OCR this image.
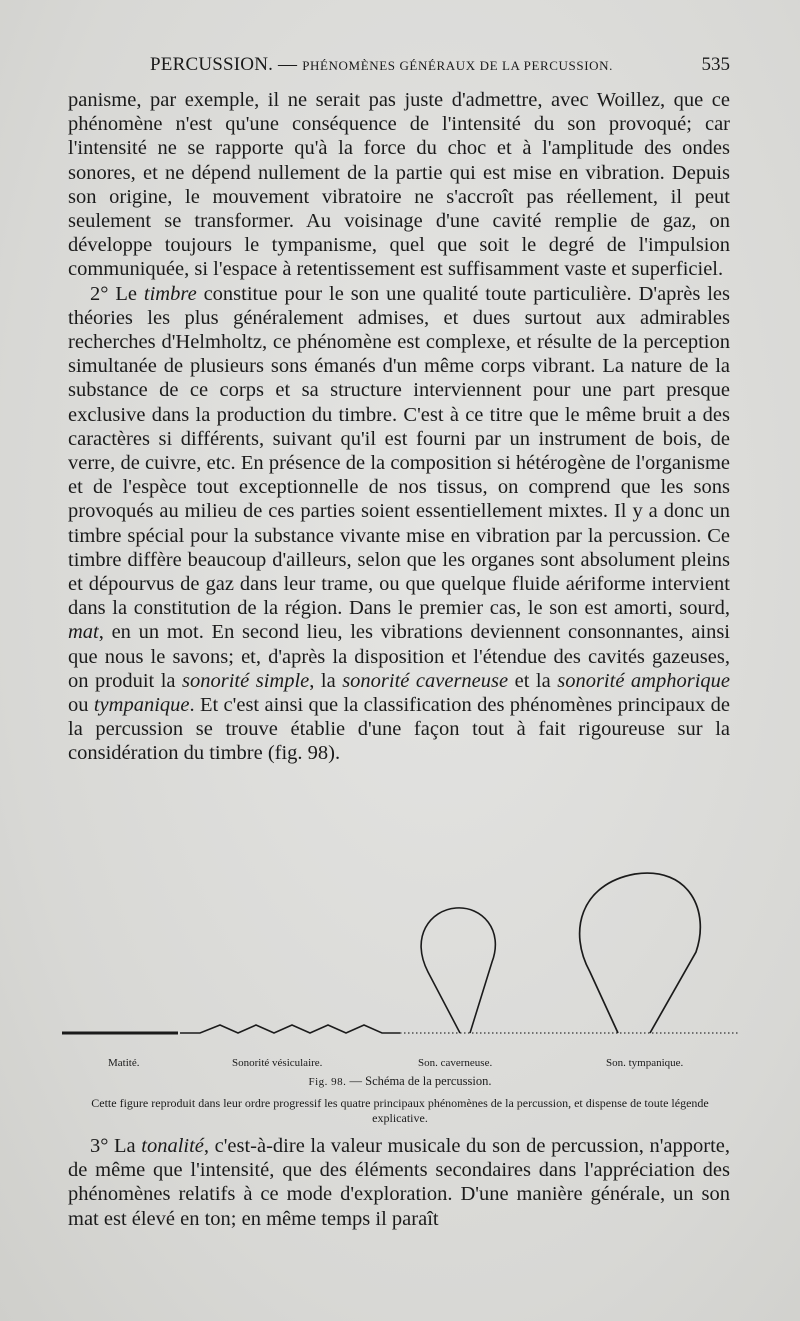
PERCUSSION. — PHÉNOMÈNES GÉNÉRAUX DE LA PERCUSSION.	535

panisme, par exemple, il ne serait pas juste d'admettre, avec Woillez, que ce phénomène n'est qu'une conséquence de l'intensité du son provoqué; car l'intensité ne se rapporte qu'à la force du choc et à l'amplitude des ondes sonores, et ne dépend nullement de la partie qui est mise en vibration. Depuis son origine, le mouvement vibratoire ne s'accroît pas réellement, il peut seulement se transformer. Au voisinage d'une cavité remplie de gaz, on développe toujours le tympanisme, quel que soit le degré de l'impulsion communiquée, si l'espace à retentissement est suffisamment vaste et superficiel.

2° Le timbre constitue pour le son une qualité toute particulière. D'après les théories les plus généralement admises, et dues surtout aux admirables recherches d'Helmholtz, ce phénomène est complexe, et résulte de la perception simultanée de plusieurs sons émanés d'un même corps vibrant. La nature de la substance de ce corps et sa structure interviennent pour une part presque exclusive dans la production du timbre. C'est à ce titre que le même bruit a des caractères si différents, suivant qu'il est fourni par un instrument de bois, de verre, de cuivre, etc. En présence de la composition si hétérogène de l'organisme et de l'espèce tout exceptionnelle de nos tissus, on comprend que les sons provoqués au milieu de ces parties soient essentiellement mixtes. Il y a donc un timbre spécial pour la substance vivante mise en vibration par la percussion. Ce timbre diffère beaucoup d'ailleurs, selon que les organes sont absolument pleins et dépourvus de gaz dans leur trame, ou que quelque fluide aériforme intervient dans la constitution de la région. Dans le premier cas, le son est amorti, sourd, mat, en un mot. En second lieu, les vibrations deviennent consonnantes, ainsi que nous le savons; et, d'après la disposition et l'étendue des cavités gazeuses, on produit la sonorité simple, la sonorité caverneuse et la sonorité amphorique ou tympanique. Et c'est ainsi que la classification des phénomènes principaux de la percussion se trouve établie d'une façon tout à fait rigoureuse sur la considération du timbre (fig. 98).

Matité.	Sonorité vésiculaire.	Son. caverneuse.	Son. tympanique.
Fig. 98. — Schéma de la percussion.
Cette figure reproduit dans leur ordre progressif les quatre principaux phénomènes de la percussion, et dispense de toute légende explicative.

3° La tonalité, c'est-à-dire la valeur musicale du son de percussion, n'apporte, de même que l'intensité, que des éléments secondaires dans l'appréciation des phénomènes relatifs à ce mode d'exploration. D'une manière générale, un son mat est élevé en ton; en même temps il paraît
